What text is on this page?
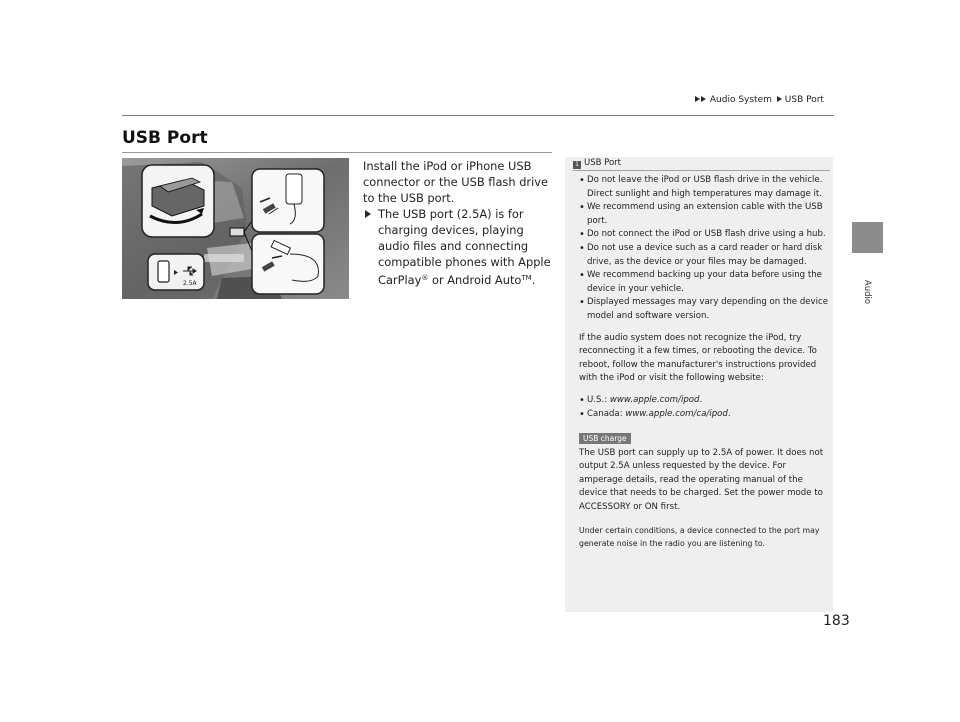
Audio System USB Port
Audio
USB Port
2.5A

Install the iPod or iPhone USB connector or the USB flash drive to the USB port.

The USB port (2.5A) is for charging devices, playing audio files and connecting compatible phones with Apple CarPlay® or Android Auto™.

1 USB Port
• Do not leave the iPod or USB flash drive in the vehicle. Direct sunlight and high temperatures may damage it.
• We recommend using an extension cable with the USB port.
• Do not connect the iPod or USB flash drive using a hub.
• Do not use a device such as a card reader or hard disk drive, as the device or your files may be damaged.
• We recommend backing up your data before using the device in your vehicle.
• Displayed messages may vary depending on the device model and software version.

If the audio system does not recognize the iPod, try reconnecting it a few times, or rebooting the device. To reboot, follow the manufacturer's instructions provided with the iPod or visit the following website:

• U.S.: www.apple.com/ipod.
• Canada: www.apple.com/ca/ipod.
USB charge

The USB port can supply up to 2.5A of power. It does not output 2.5A unless requested by the device. For amperage details, read the operating manual of the device that needs to be charged. Set the power mode to ACCESSORY or ON first.

Under certain conditions, a device connected to the port may generate noise in the radio you are listening to.

183
